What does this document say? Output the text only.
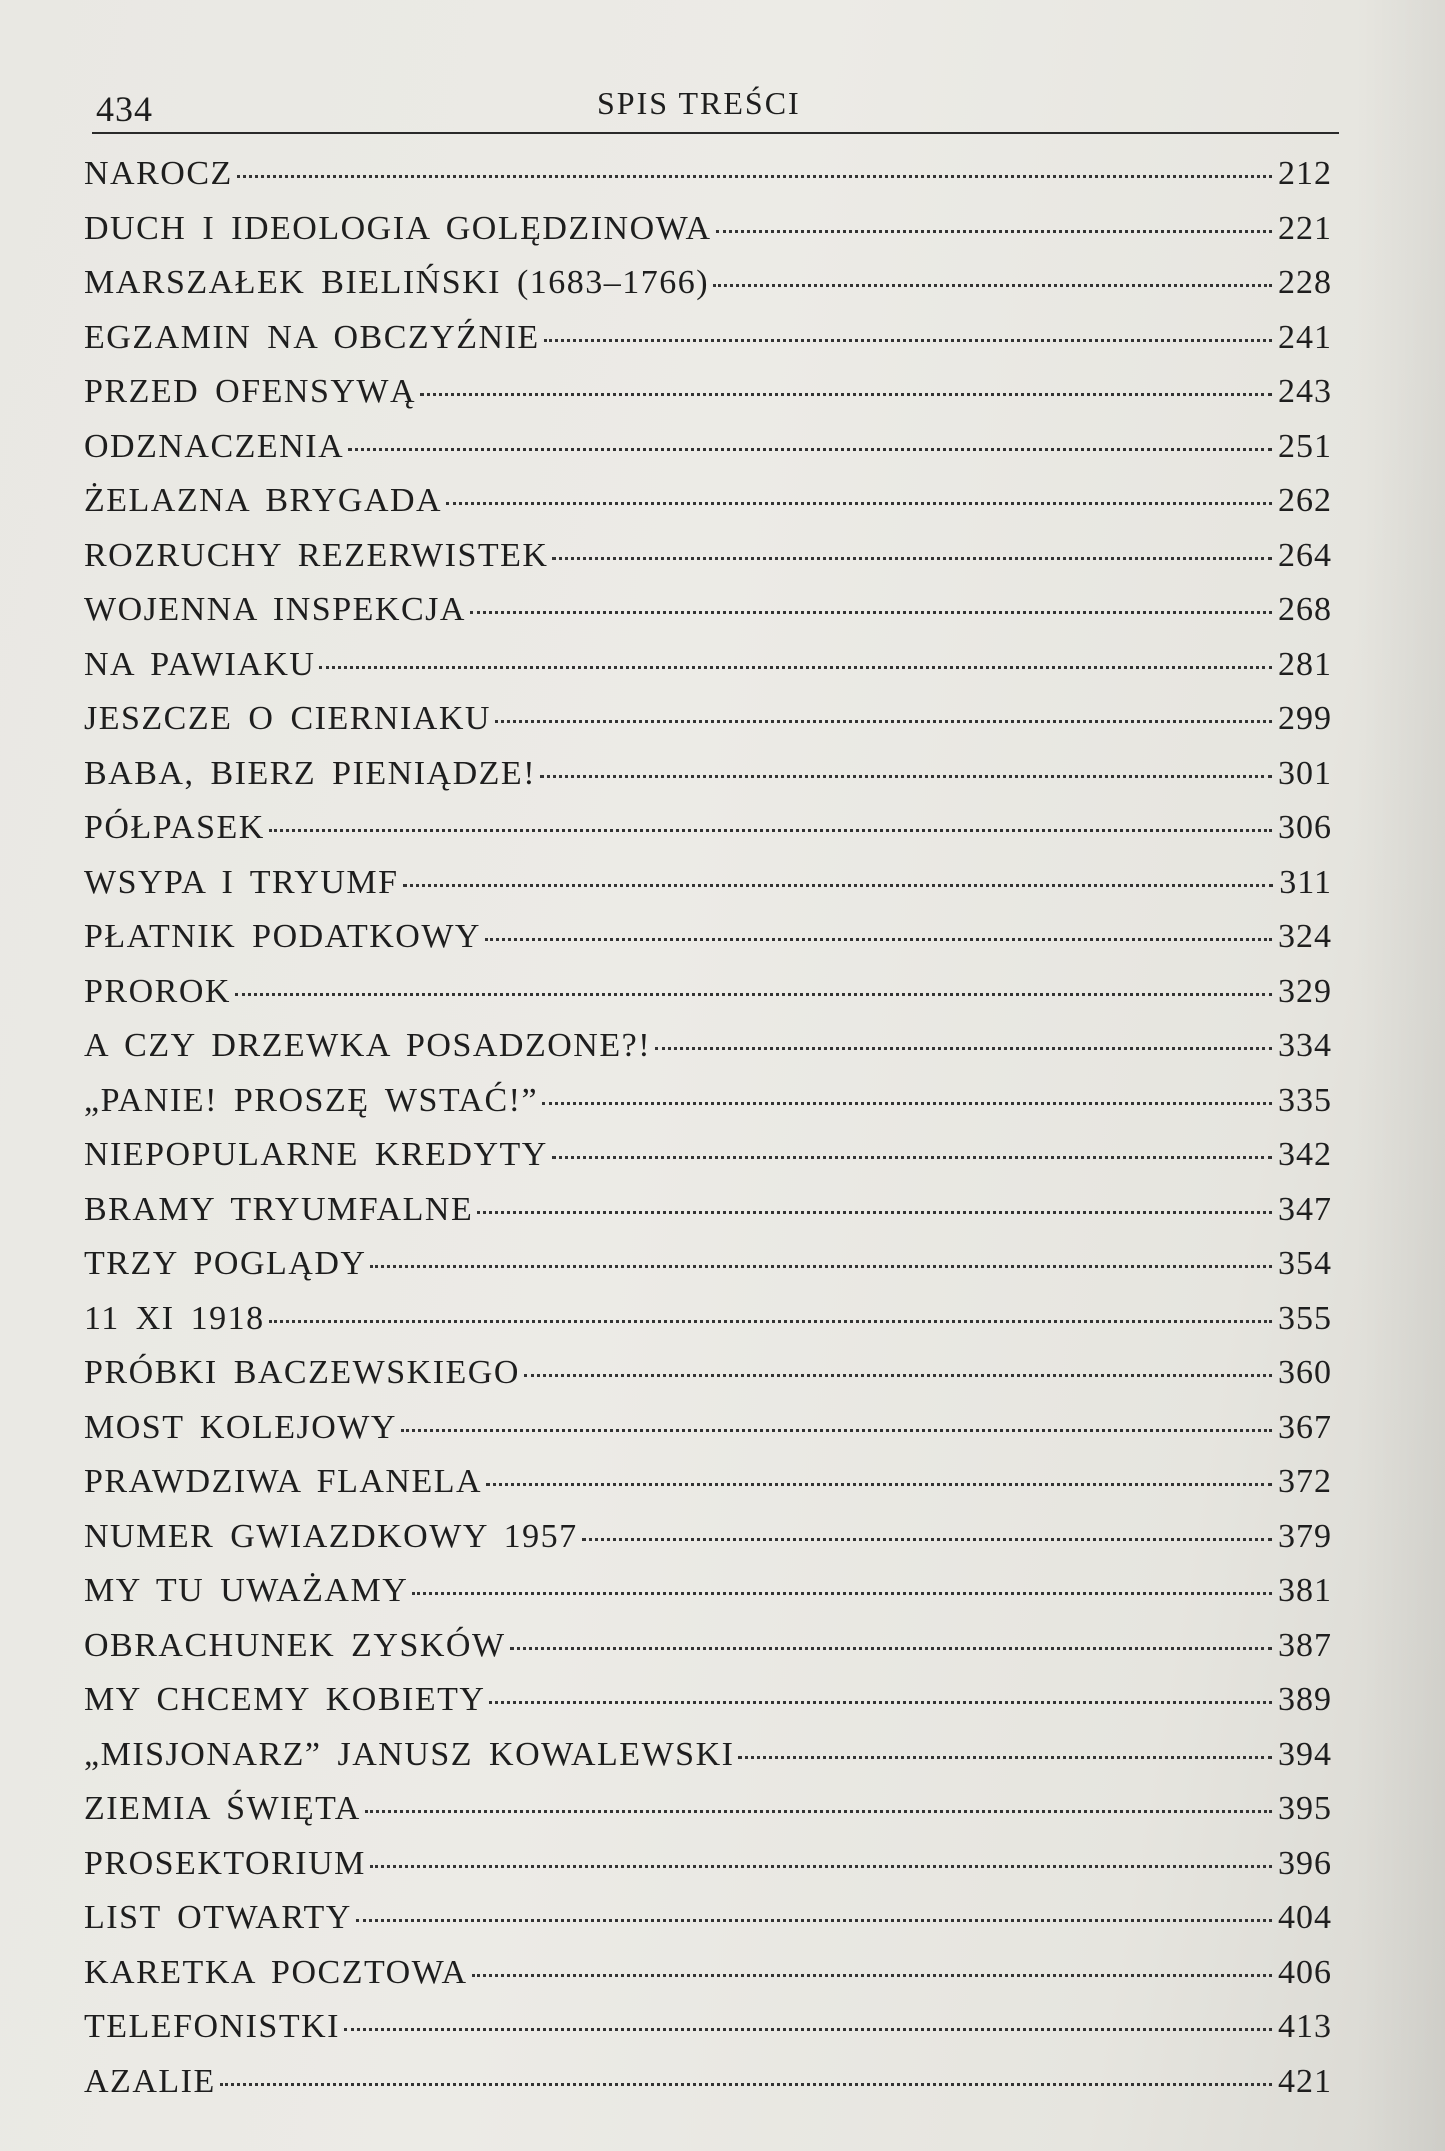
434	SPIS TREŚCI
NAROCZ	212
DUCH I IDEOLOGIA GOLĘDZINOWA	221
MARSZAŁEK BIELIŃSKI (1683–1766)	228
EGZAMIN NA OBCZYŹNIE	241
PRZED OFENSYWĄ	243
ODZNACZENIA	251
ŻELAZNA BRYGADA	262
ROZRUCHY REZERWISTEK	264
WOJENNA INSPEKCJA	268
NA PAWIAKU	281
JESZCZE O CIERNIAKU	299
BABA, BIERZ PIENIĄDZE!	301
PÓŁPASEK	306
WSYPA I TRYUMF	311
PŁATNIK PODATKOWY	324
PROROK	329
A CZY DRZEWKA POSADZONE?!	334
„PANIE! PROSZĘ WSTAĆ!”	335
NIEPOPULARNE KREDYTY	342
BRAMY TRYUMFALNE	347
TRZY POGLĄDY	354
11 XI 1918	355
PRÓBKI BACZEWSKIEGO	360
MOST KOLEJOWY	367
PRAWDZIWA FLANELA	372
NUMER GWIAZDKOWY 1957	379
MY TU UWAŻAMY	381
OBRACHUNEK ZYSKÓW	387
MY CHCEMY KOBIETY	389
„MISJONARZ” JANUSZ KOWALEWSKI	394
ZIEMIA ŚWIĘTA	395
PROSEKTORIUM	396
LIST OTWARTY	404
KARETKA POCZTOWA	406
TELEFONISTKI	413
AZALIE	421
